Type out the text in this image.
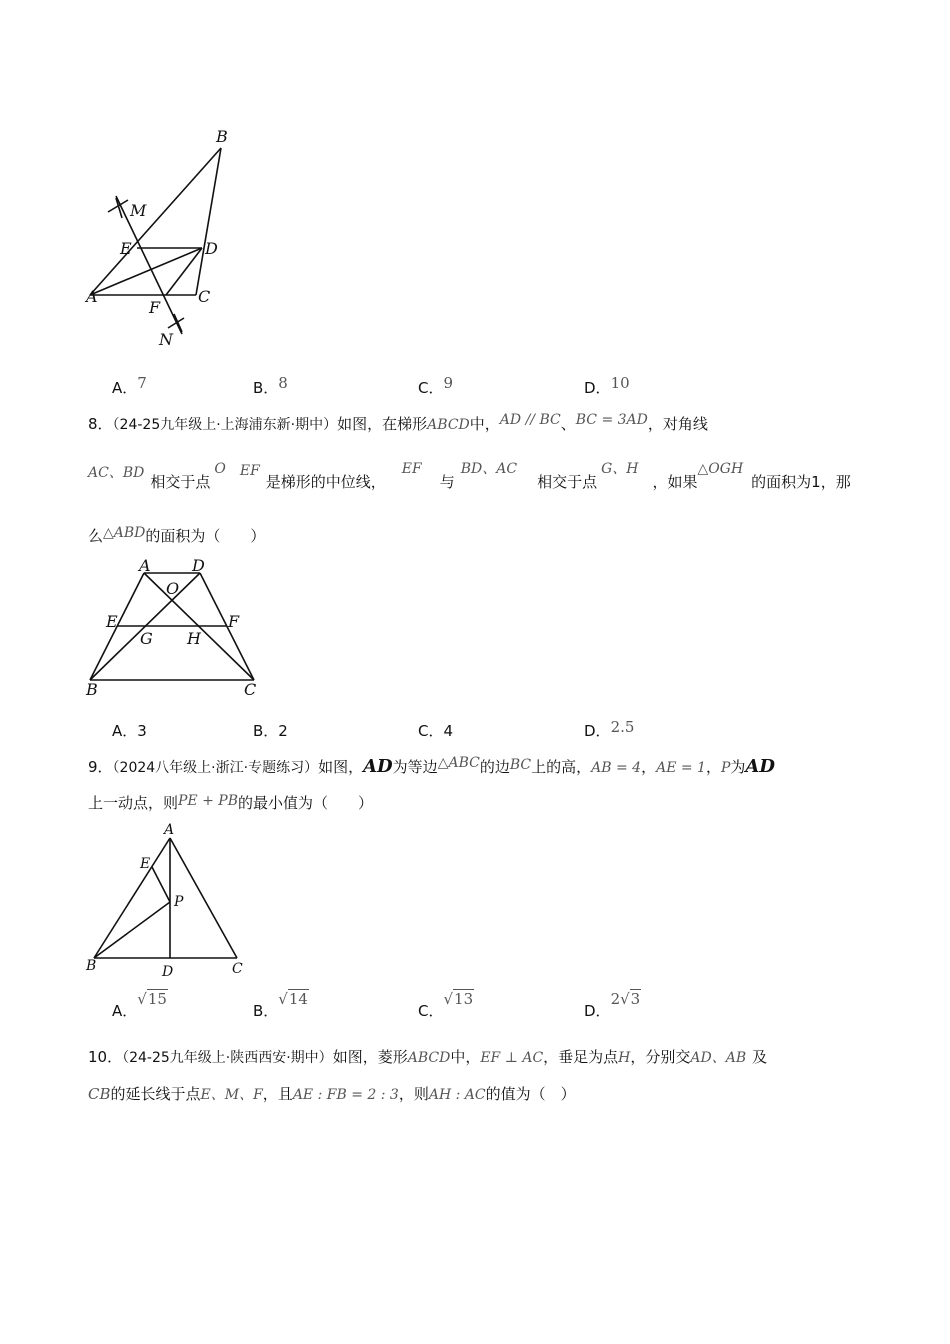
B
M
E	D
A	C
F
N
A．7	B．8	C．9	D．10
8．（24-25九年级上·上海浦东新·期中）如图，在梯形ABCD中，AD // BC、BC = 3AD，对角线
AC、BD 相交于点O EF是梯形的中位线，EF与BD、AC相交于点G、H，如果△OGH的面积为1，那
么△ABD的面积为（　　）
A	D
O
E	F
G H
B	C
A．3	B．2	C．4	D．2.5
9．（2024八年级上·浙江·专题练习）如图，AD为等边△ABC的边BC上的高，AB = 4，AE = 1，P为AD
上一动点，则PE + PB的最小值为（　　）
A
E
P
B	D	C
A．√15
B．√14
C．√13
D．2√3
10．（24-25九年级上·陕西西安·期中）如图，菱形ABCD中，EF ⊥ AC，垂足为点H，分别交AD、AB 及
CB的延长线于点E、M、F，且AE : FB = 2 : 3，则AH : AC的值为（　）
